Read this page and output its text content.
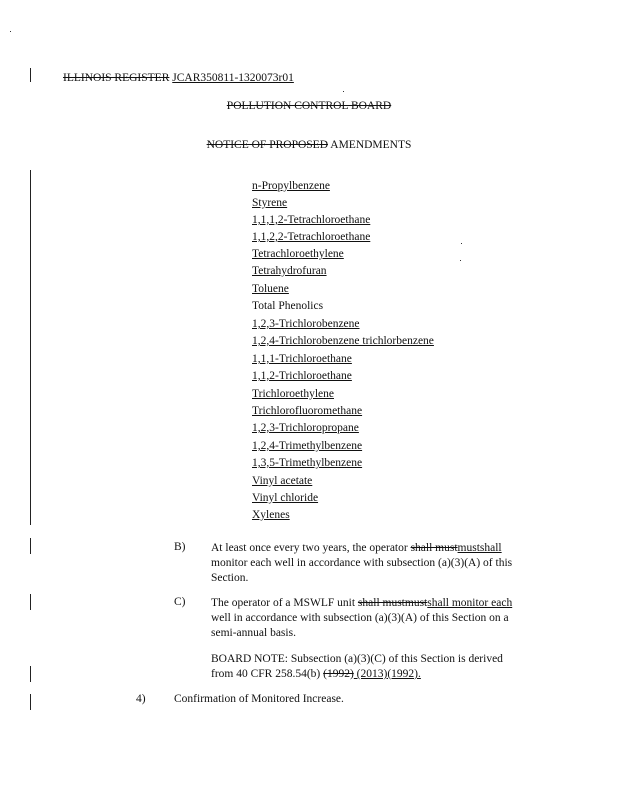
ILLINOIS REGISTER JCAR350811-1320073r01
POLLUTION CONTROL BOARD
NOTICE OF PROPOSED AMENDMENTS
n-Propylbenzene
Styrene
1,1,1,2-Tetrachloroethane
1,1,2,2-Tetrachloroethane
Tetrachloroethylene
Tetrahydrofuran
Toluene
Total Phenolics
1,2,3-Trichlorobenzene
1,2,4-Trichlorobenzene trichlorbenzene
1,1,1-Trichloroethane
1,1,2-Trichloroethane
Trichloroethylene
Trichlorofluoromethane
1,2,3-Trichloropropane
1,2,4-Trimethylbenzene
1,3,5-Trimethylbenzene
Vinyl acetate
Vinyl chloride
Xylenes
B) At least once every two years, the operator shall mustmustshall
monitor each well in accordance with subsection (a)(3)(A) of this
Section.
C) The operator of a MSWLF unit shall mustmustshall monitor each
well in accordance with subsection (a)(3)(A) of this Section on a
semi-annual basis.
BOARD NOTE: Subsection (a)(3)(C) of this Section is derived
from 40 CFR 258.54(b) (1992) (2013)(1992).
4) Confirmation of Monitored Increase.
